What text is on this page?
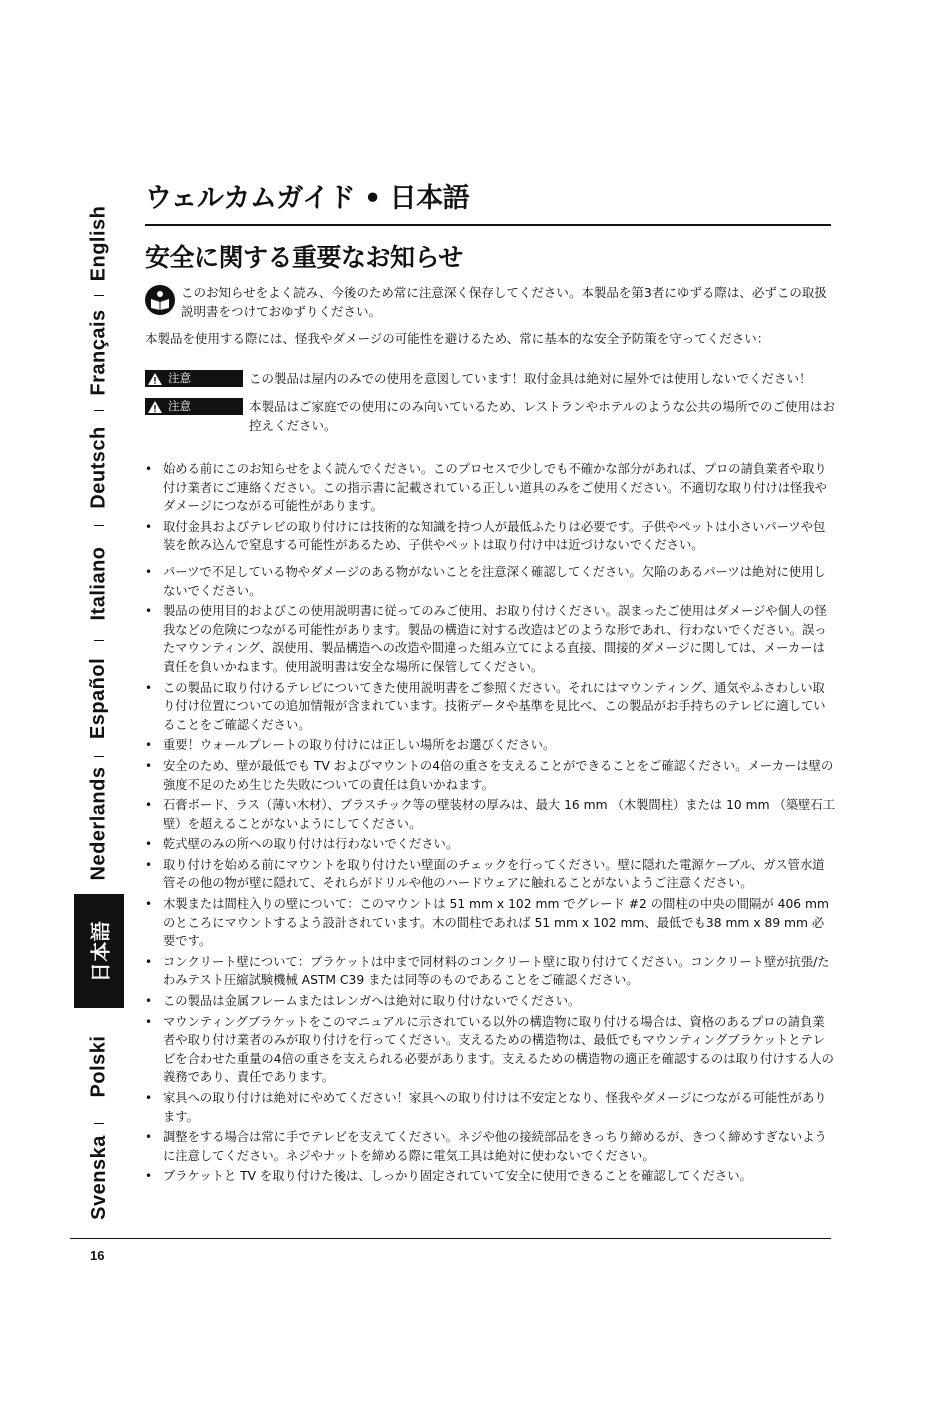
English
Français
Deutsch
Italiano
Español
Nederlands
日本語
Polski
Svenska
ウェルカムガイド • 日本語
安全に関する重要なお知らせ
このお知らせをよく読み、今後のため常に注意深く保存してください。本製品を第3者にゆずる際は、必ずこの取扱説明書をつけておゆずりください。
本製品を使用する際には、怪我やダメージの可能性を避けるため、常に基本的な安全予防策を守ってください：
注意	この製品は屋内のみでの使用を意図しています！取付金具は絶対に屋外では使用しないでください！
注意	本製品はご家庭での使用にのみ向いているため、レストランやホテルのような公共の場所でのご使用はお控えください。
• 始める前にこのお知らせをよく読んでください。このプロセスで少しでも不確かな部分があれば、プロの請負業者や取り付け業者にご連絡ください。この指示書に記載されている正しい道具のみをご使用ください。不適切な取り付けは怪我やダメージにつながる可能性があります。
• 取付金具およびテレビの取り付けには技術的な知識を持つ人が最低ふたりは必要です。子供やペットは小さいパーツや包装を飲み込んで窒息する可能性があるため、子供やペットは取り付け中は近づけないでください。
• パーツで不足している物やダメージのある物がないことを注意深く確認してください。欠陥のあるパーツは絶対に使用しないでください。
• 製品の使用目的およびこの使用説明書に従ってのみご使用、お取り付けください。誤まったご使用はダメージや個人の怪我などの危険につながる可能性があります。製品の構造に対する改造はどのような形であれ、行わないでください。誤ったマウンティング、誤使用、製品構造への改造や間違った組み立てによる直接、間接的ダメージに関しては、メーカーは責任を負いかねます。使用説明書は安全な場所に保管してください。
• この製品に取り付けるテレビについてきた使用説明書をご参照ください。それにはマウンティング、通気やふさわしい取り付け位置についての追加情報が含まれています。技術データや基準を見比べ、この製品がお手持ちのテレビに適していることをご確認ください。
• 重要！ウォールプレートの取り付けには正しい場所をお選びください。
• 安全のため、壁が最低でも TV およびマウントの4倍の重さを支えることができることをご確認ください。メーカーは壁の強度不足のため生じた失敗についての責任は負いかねます。
• 石膏ボード、ラス（薄い木材）、プラスチック等の壁装材の厚みは、最大 16 mm （木製間柱）または 10 mm （築壁石工壁）を超えることがないようにしてください。
• 乾式壁のみの所への取り付けは行わないでください。
• 取り付けを始める前にマウントを取り付けたい壁面のチェックを行ってください。壁に隠れた電源ケーブル、ガス管水道管その他の物が壁に隠れて、それらがドリルや他のハードウェアに触れることがないようご注意ください。
• 木製または間柱入りの壁について：このマウントは 51 mm x 102 mm でグレード #2 の間柱の中央の間隔が 406 mm のところにマウントするよう設計されています。木の間柱であれば 51 mm x 102 mm、最低でも38 mm x 89 mm 必要です。
• コンクリート壁について：ブラケットは中まで同材料のコンクリート壁に取り付けてください。コンクリート壁が抗張/たわみテスト圧縮試験機械 ASTM C39 または同等のものであることをご確認ください。
• この製品は金属フレームまたはレンガへは絶対に取り付けないでください。
• マウンティングブラケットをこのマニュアルに示されている以外の構造物に取り付ける場合は、資格のあるプロの請負業者や取り付け業者のみが取り付けを行ってください。支えるための構造物は、最低でもマウンティングブラケットとテレビを合わせた重量の4倍の重さを支えられる必要があります。支えるための構造物の適正を確認するのは取り付けする人の義務であり、責任であります。
• 家具への取り付けは絶対にやめてください！家具への取り付けは不安定となり、怪我やダメージにつながる可能性があります。
• 調整をする場合は常に手でテレビを支えてください。ネジや他の接続部品をきっちり締めるが、きつく締めすぎないように注意してください。ネジやナットを締める際に電気工具は絶対に使わないでください。
• ブラケットと TV を取り付けた後は、しっかり固定されていて安全に使用できることを確認してください。
16
